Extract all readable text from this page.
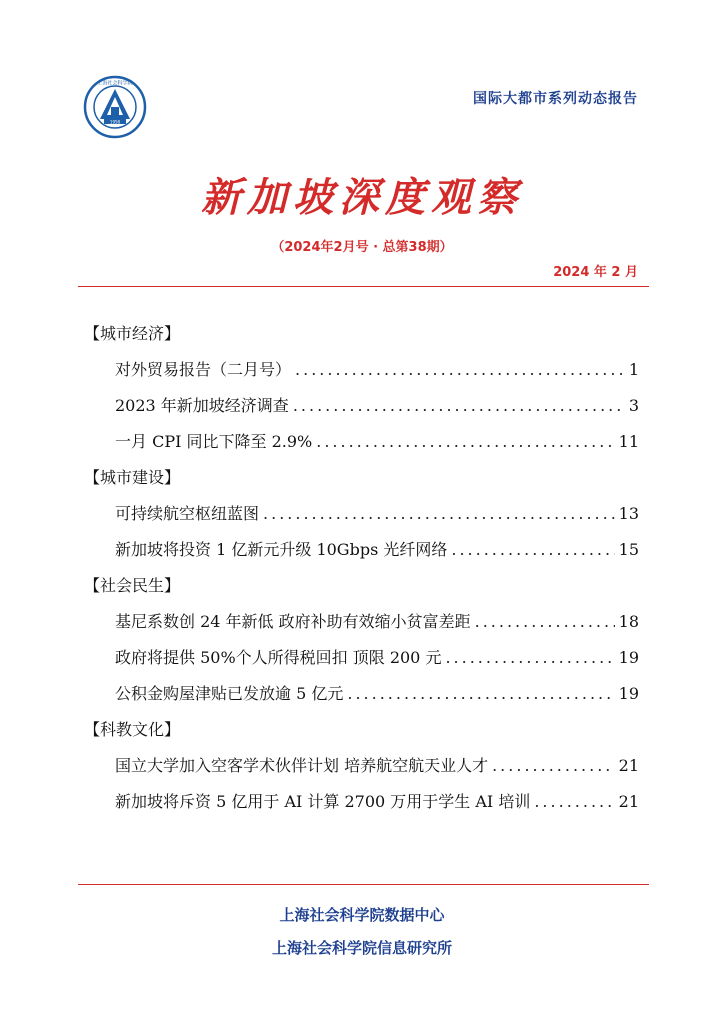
1958
上海社会科学院
国际大都市系列动态报告
新加坡深度观察
（2024年2月号 · 总第38期）
2024 年 2 月
【城市经济】
对外贸易报告（二月号） .....	1
2023 年新加坡经济调查 .....	3
一月 CPI 同比下降至 2.9% .....	11
【城市建设】
可持续航空枢纽蓝图 .....	13
新加坡将投资 1 亿新元升级 10Gbps 光纤网络 .....	15
【社会民生】
基尼系数创 24 年新低 政府补助有效缩小贫富差距 .....	18
政府将提供 50%个人所得税回扣 顶限 200 元 .....	19
公积金购屋津贴已发放逾 5 亿元 .....	19
【科教文化】
国立大学加入空客学术伙伴计划 培养航空航天业人才 .....	21
新加坡将斥资 5 亿用于 AI 计算 2700 万用于学生 AI 培训 .....	21
上海社会科学院数据中心
上海社会科学院信息研究所
